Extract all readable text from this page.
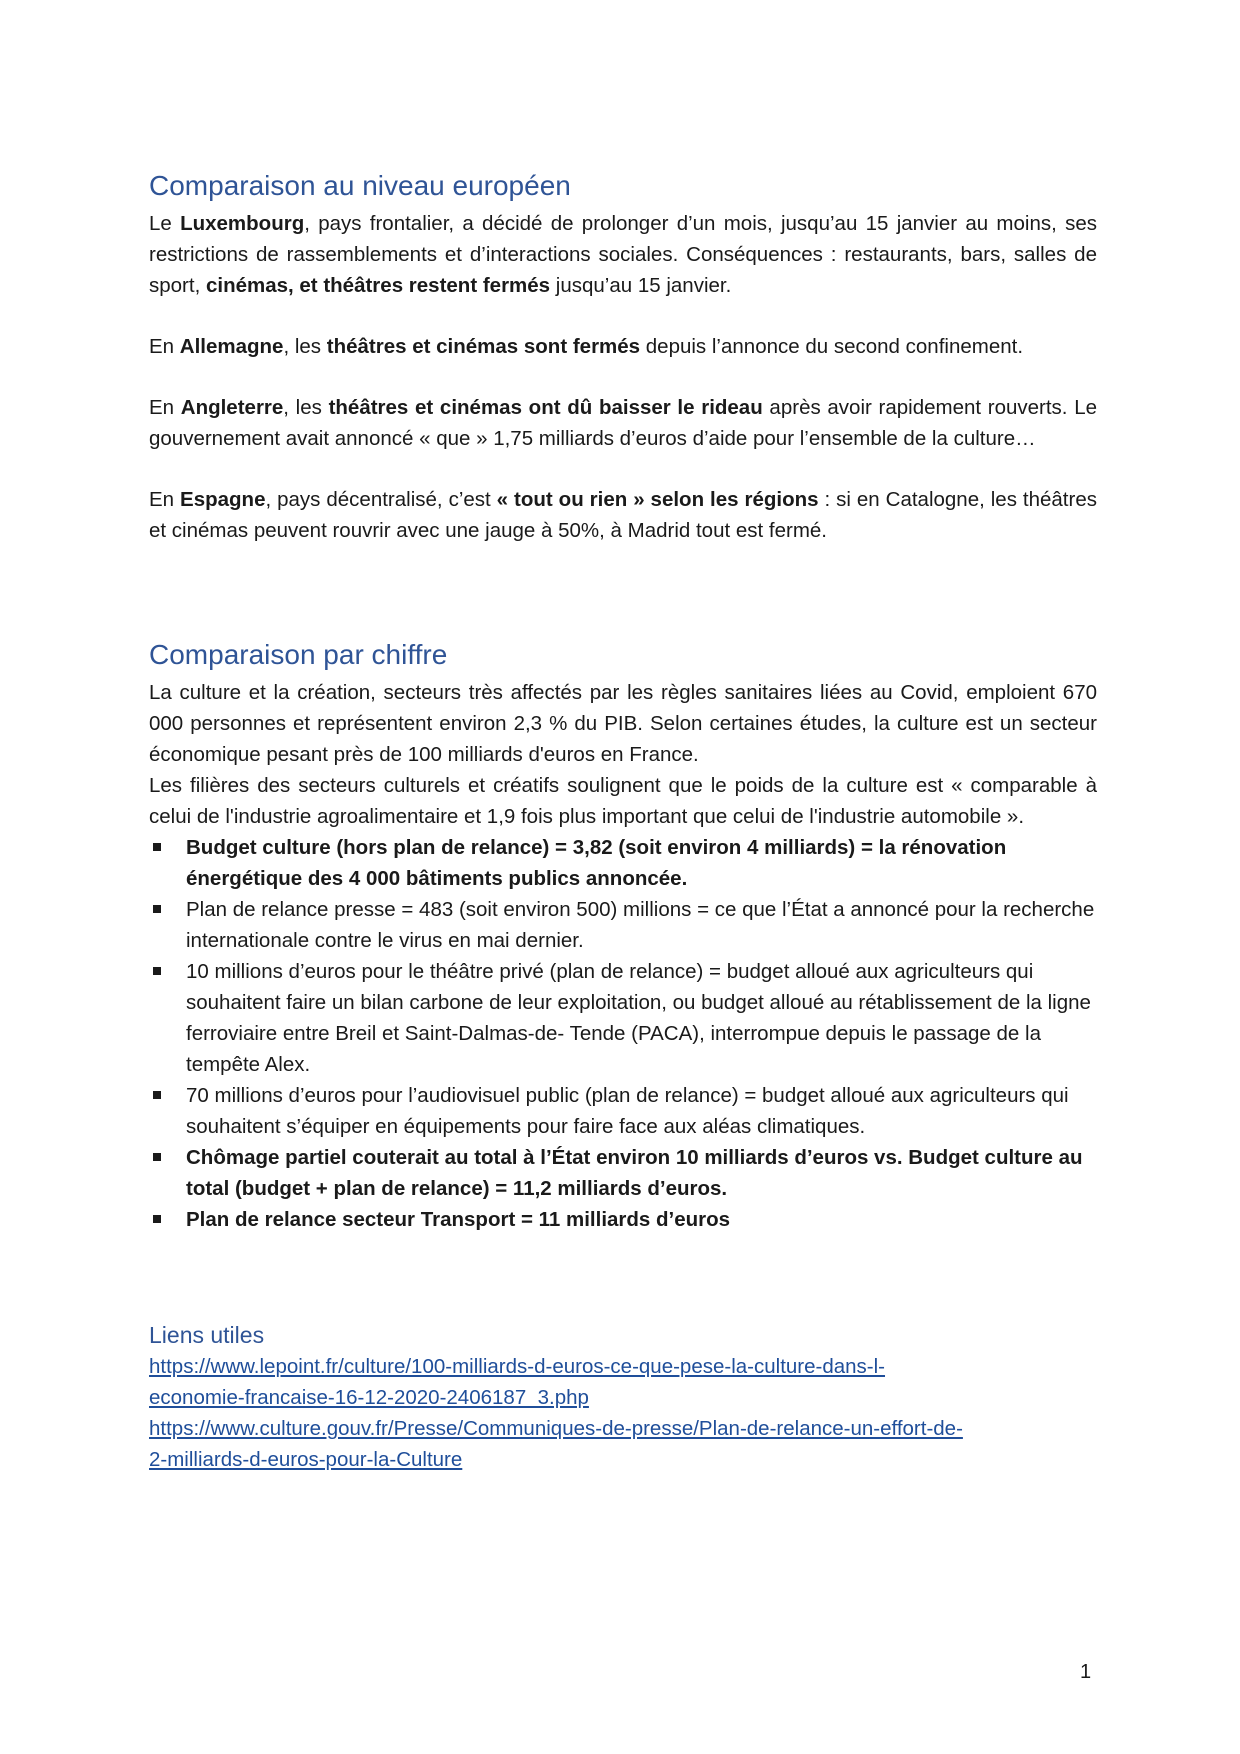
Comparaison au niveau européen

Le Luxembourg, pays frontalier, a décidé de prolonger d’un mois, jusqu’au 15 janvier au moins, ses restrictions de rassemblements et d’interactions sociales. Conséquences : restaurants, bars, salles de sport, cinémas, et théâtres restent fermés jusqu’au 15 janvier.

En Allemagne, les théâtres et cinémas sont fermés depuis l’annonce du second confinement.

En Angleterre, les théâtres et cinémas ont dû baisser le rideau après avoir rapidement rouverts. Le gouvernement avait annoncé « que » 1,75 milliards d’euros d’aide pour l’ensemble de la culture…

En Espagne, pays décentralisé, c’est « tout ou rien » selon les régions : si en Catalogne, les théâtres et cinémas peuvent rouvrir avec une jauge à 50%, à Madrid tout est fermé.

Comparaison par chiffre

La culture et la création, secteurs très affectés par les règles sanitaires liées au Covid, emploient 670 000 personnes et représentent environ 2,3 % du PIB. Selon certaines études, la culture est un secteur économique pesant près de 100 milliards d'euros en France.

Les filières des secteurs culturels et créatifs soulignent que le poids de la culture est « comparable à celui de l'industrie agroalimentaire et 1,9 fois plus important que celui de l'industrie automobile ».

Budget culture (hors plan de relance) = 3,82 (soit environ 4 milliards) = la rénovation énergétique des 4 000 bâtiments publics annoncée.
Plan de relance presse = 483 (soit environ 500) millions = ce que l’État a annoncé pour la recherche internationale contre le virus en mai dernier.
10 millions d’euros pour le théâtre privé (plan de relance) = budget alloué aux agriculteurs qui souhaitent faire un bilan carbone de leur exploitation, ou budget alloué au rétablissement de la ligne ferroviaire entre Breil et Saint-Dalmas-de- Tende (PACA), interrompue depuis le passage de la tempête Alex.
70 millions d’euros pour l’audiovisuel public (plan de relance) = budget alloué aux agriculteurs qui souhaitent s’équiper en équipements pour faire face aux aléas climatiques.
Chômage partiel couterait au total à l’État environ 10 milliards d’euros vs. Budget culture au total (budget + plan de relance) = 11,2 milliards d’euros.
Plan de relance secteur Transport = 11 milliards d’euros
Liens utiles
https://www.lepoint.fr/culture/100-milliards-d-euros-ce-que-pese-la-culture-dans-l-
economie-francaise-16-12-2020-2406187_3.php
https://www.culture.gouv.fr/Presse/Communiques-de-presse/Plan-de-relance-un-effort-de-
2-milliards-d-euros-pour-la-Culture
1
